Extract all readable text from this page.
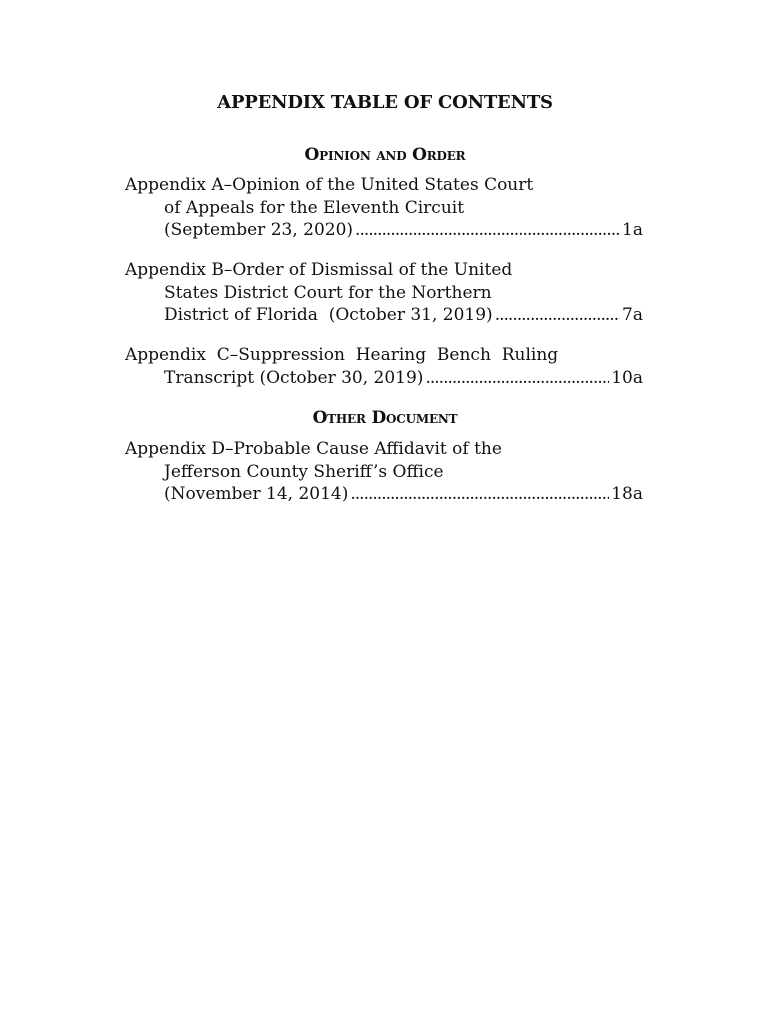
APPENDIX TABLE OF CONTENTS
Opinion and Order
Appendix A–Opinion of the United States Court
of Appeals for the Eleventh Circuit
(September 23, 2020) . . .	1a
Appendix B–Order of Dismissal of the United
States District Court for the Northern
District of Florida  (October 31, 2019) . . .	7a
Appendix  C–Suppression  Hearing  Bench  Ruling
Transcript (October 30, 2019) . . .	10a
Other Document
Appendix D–Probable Cause Affidavit of the
Jefferson County Sheriff’s Office
(November 14, 2014) . . .	18a
